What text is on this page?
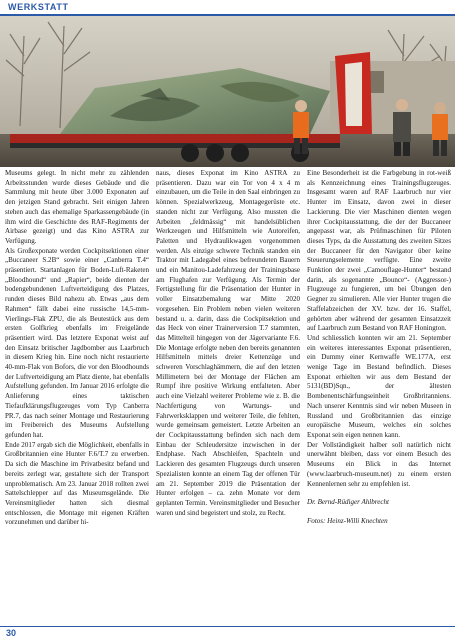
WERKSTATT

Museums gelegt. In nicht mehr zu zählenden Arbeitsstunden wurde dieses Gebäude und die Sammlung mit heute über 3.000 Exponaten auf den jetzigen Stand gebracht. Seit einigen Jahren stehen auch das ehemalige Sparkassengebäude (in ihm wird die Geschichte des RAF-Regiments der Airbase gezeigt) und das Kino ASTRA zur Verfügung.

Als Großexponate werden Cockpitsektionen einer „Buccaneer S.2B“ sowie einer „Canberra T.4“ präsentiert. Startanlagen für Boden-Luft-Raketen „Bloodhound“ und „Rapier“, beide dienten der bodengebundenen Luftverteidigung des Platzes, runden dieses Bild nahezu ab. Etwas „aus dem Rahmen“ fällt dabei eine russische 14,5-mm-Vierlings-Flak ZPU, die als Beutestück aus dem ersten Golfkrieg ebenfalls im Freigelände präsentiert wird. Das letztere Exponat weist auf den Einsatz britischer Jagdbomber aus Laarbruch in diesem Krieg hin. Eine noch nicht restaurierte 40-mm-Flak von Bofors, die vor den Bloodhounds der Luftverteidigung am Platz diente, hat ebenfalls Aufstellung gefunden. Im Januar 2016 erfolgte die Anlieferung eines taktischen Tiefaufklärungsflugzeuges vom Typ Canberra PR.7, das nach seiner Montage und Restaurierung im Freibereich des Museums Aufstellung gefunden hat.

Ende 2017 ergab sich die Möglichkeit, ebenfalls in Großbritannien eine Hunter F.6/T.7 zu erwerben. Da sich die Maschine im Privatbesitz befand und bereits zerlegt war, gestaltete sich der Transport unproblematisch. Am 23. Januar 2018 rollten zwei Sattelschlepper auf das Museumsgelände. Die Vereinsmitglieder hatten sich diesmal entschlossen, die Montage mit eigenen Kräften vorzunehmen und darüber hi-

naus, dieses Exponat im Kino ASTRA zu präsentieren. Dazu war ein Tor von 4 x 4 m einzubauen, um die Teile in den Saal einbringen zu können. Spezialwerkzeug, Montagegerüste etc. standen nicht zur Verfügung. Also mussten die Arbeiten „feldmässig“ mit handelsüblichen Werkzeugen und Hilfsmitteln wie Autoreifen, Paletten und Hydraulikwagen vorgenommen werden. Als einzige schwere Technik standen ein Traktor mit Ladegabel eines befreundeten Bauern und ein Manitou-Ladefahrzeug der Trainingsbase am Flughafen zur Verfügung. Als Termin der Fertigstellung für die Präsentation der Hunter in voller Einsatzbemalung war Mitte 2020 vorgesehen. Ein Problem neben vielen weiteren bestand u. a. darin, dass die Cockpitsektion und das Heck von einer Trainerversion T.7 stammten, das Mittelteil hingegen von der Jägervariante F.6. Die Montage erfolgte neben den bereits genannten Hilfsmitteln mittels dreier Kettenzüge und schweren Vorschlaghämmern, die auf den letzten Millimetern bei der Montage der Flächen am Rumpf ihre positive Wirkung entfalteten. Aber auch eine Vielzahl weiterer Probleme wie z. B. die Nachfertigung von Wartungs- und Fahrwerksklappen und weiterer Teile, die fehlten, wurde gemeinsam gemeistert. Letzte Arbeiten an der Cockpitausstattung befinden sich nach dem Einbau der Schleudersitze inzwischen in der Endphase. Nach Abschleifen, Spachteln und Lackieren des gesamten Flugzeugs durch unseren Spezialisten konnte an einem Tag der offenen Tür am 21. September 2019 die Präsentation der Hunter erfolgen – ca. zehn Monate vor dem geplanten Termin. Vereinsmitglieder und Besucher waren und sind begeistert und stolz, zu Recht.

Eine Besonderheit ist die Farbgebung in rot-weiß als Kennzeichnung eines Trainingsflugzeuges. Insgesamt waren auf RAF Laarbruch nur vier Hunter im Einsatz, davon zwei in dieser Lackierung. Die vier Maschinen dienten wegen ihrer Cockpitausstattung, die der der Buccaneer angepasst war, als Prüfmaschinen für Piloten dieses Typs, da die Ausstattung des zweiten Sitzes der Buccaneer für den Navigator über keine Steuerungselemente verfügte. Eine zweite Funktion der zwei „Camouflage-Hunter“ bestand darin, als sogenannte „Bounce“- (Aggressor-) Flugzeuge zu fungieren, um bei Übungen den Gegner zu simulieren. Alle vier Hunter trugen die Staffelabzeichen der XV. bzw. der 16. Staffel, gehörten aber während der gesamten Einsatzzeit auf Laarbruch zum Bestand von RAF Honington.

Und schliesslich konnten wir am 21. September ein weiteres interessantes Exponat präsentieren, ein Dummy einer Kernwaffe WE.177A, erst wenige Tage im Bestand befindlich. Dieses Exponat erhielten wir aus dem Bestand der 5131(BD)Sqn., der ältesten Bombenentschärfungseinheit Großbritanniens. Nach unserer Kenntnis sind wir neben Museen in Russland und Großbritannien das einzige europäische Museum, welches ein solches Exponat sein eigen nennen kann.

Der Vollständigkeit halber soll natürlich nicht unerwähnt bleiben, dass vor einem Besuch des Museums ein Blick in das Internet (www.laarbruch-museum.net) zu einem ersten Kennenlernen sehr zu empfehlen ist.

Dr. Bernd-Rüdiger Ahlbrecht
Fotos: Heinz-Willi Knechten
30
